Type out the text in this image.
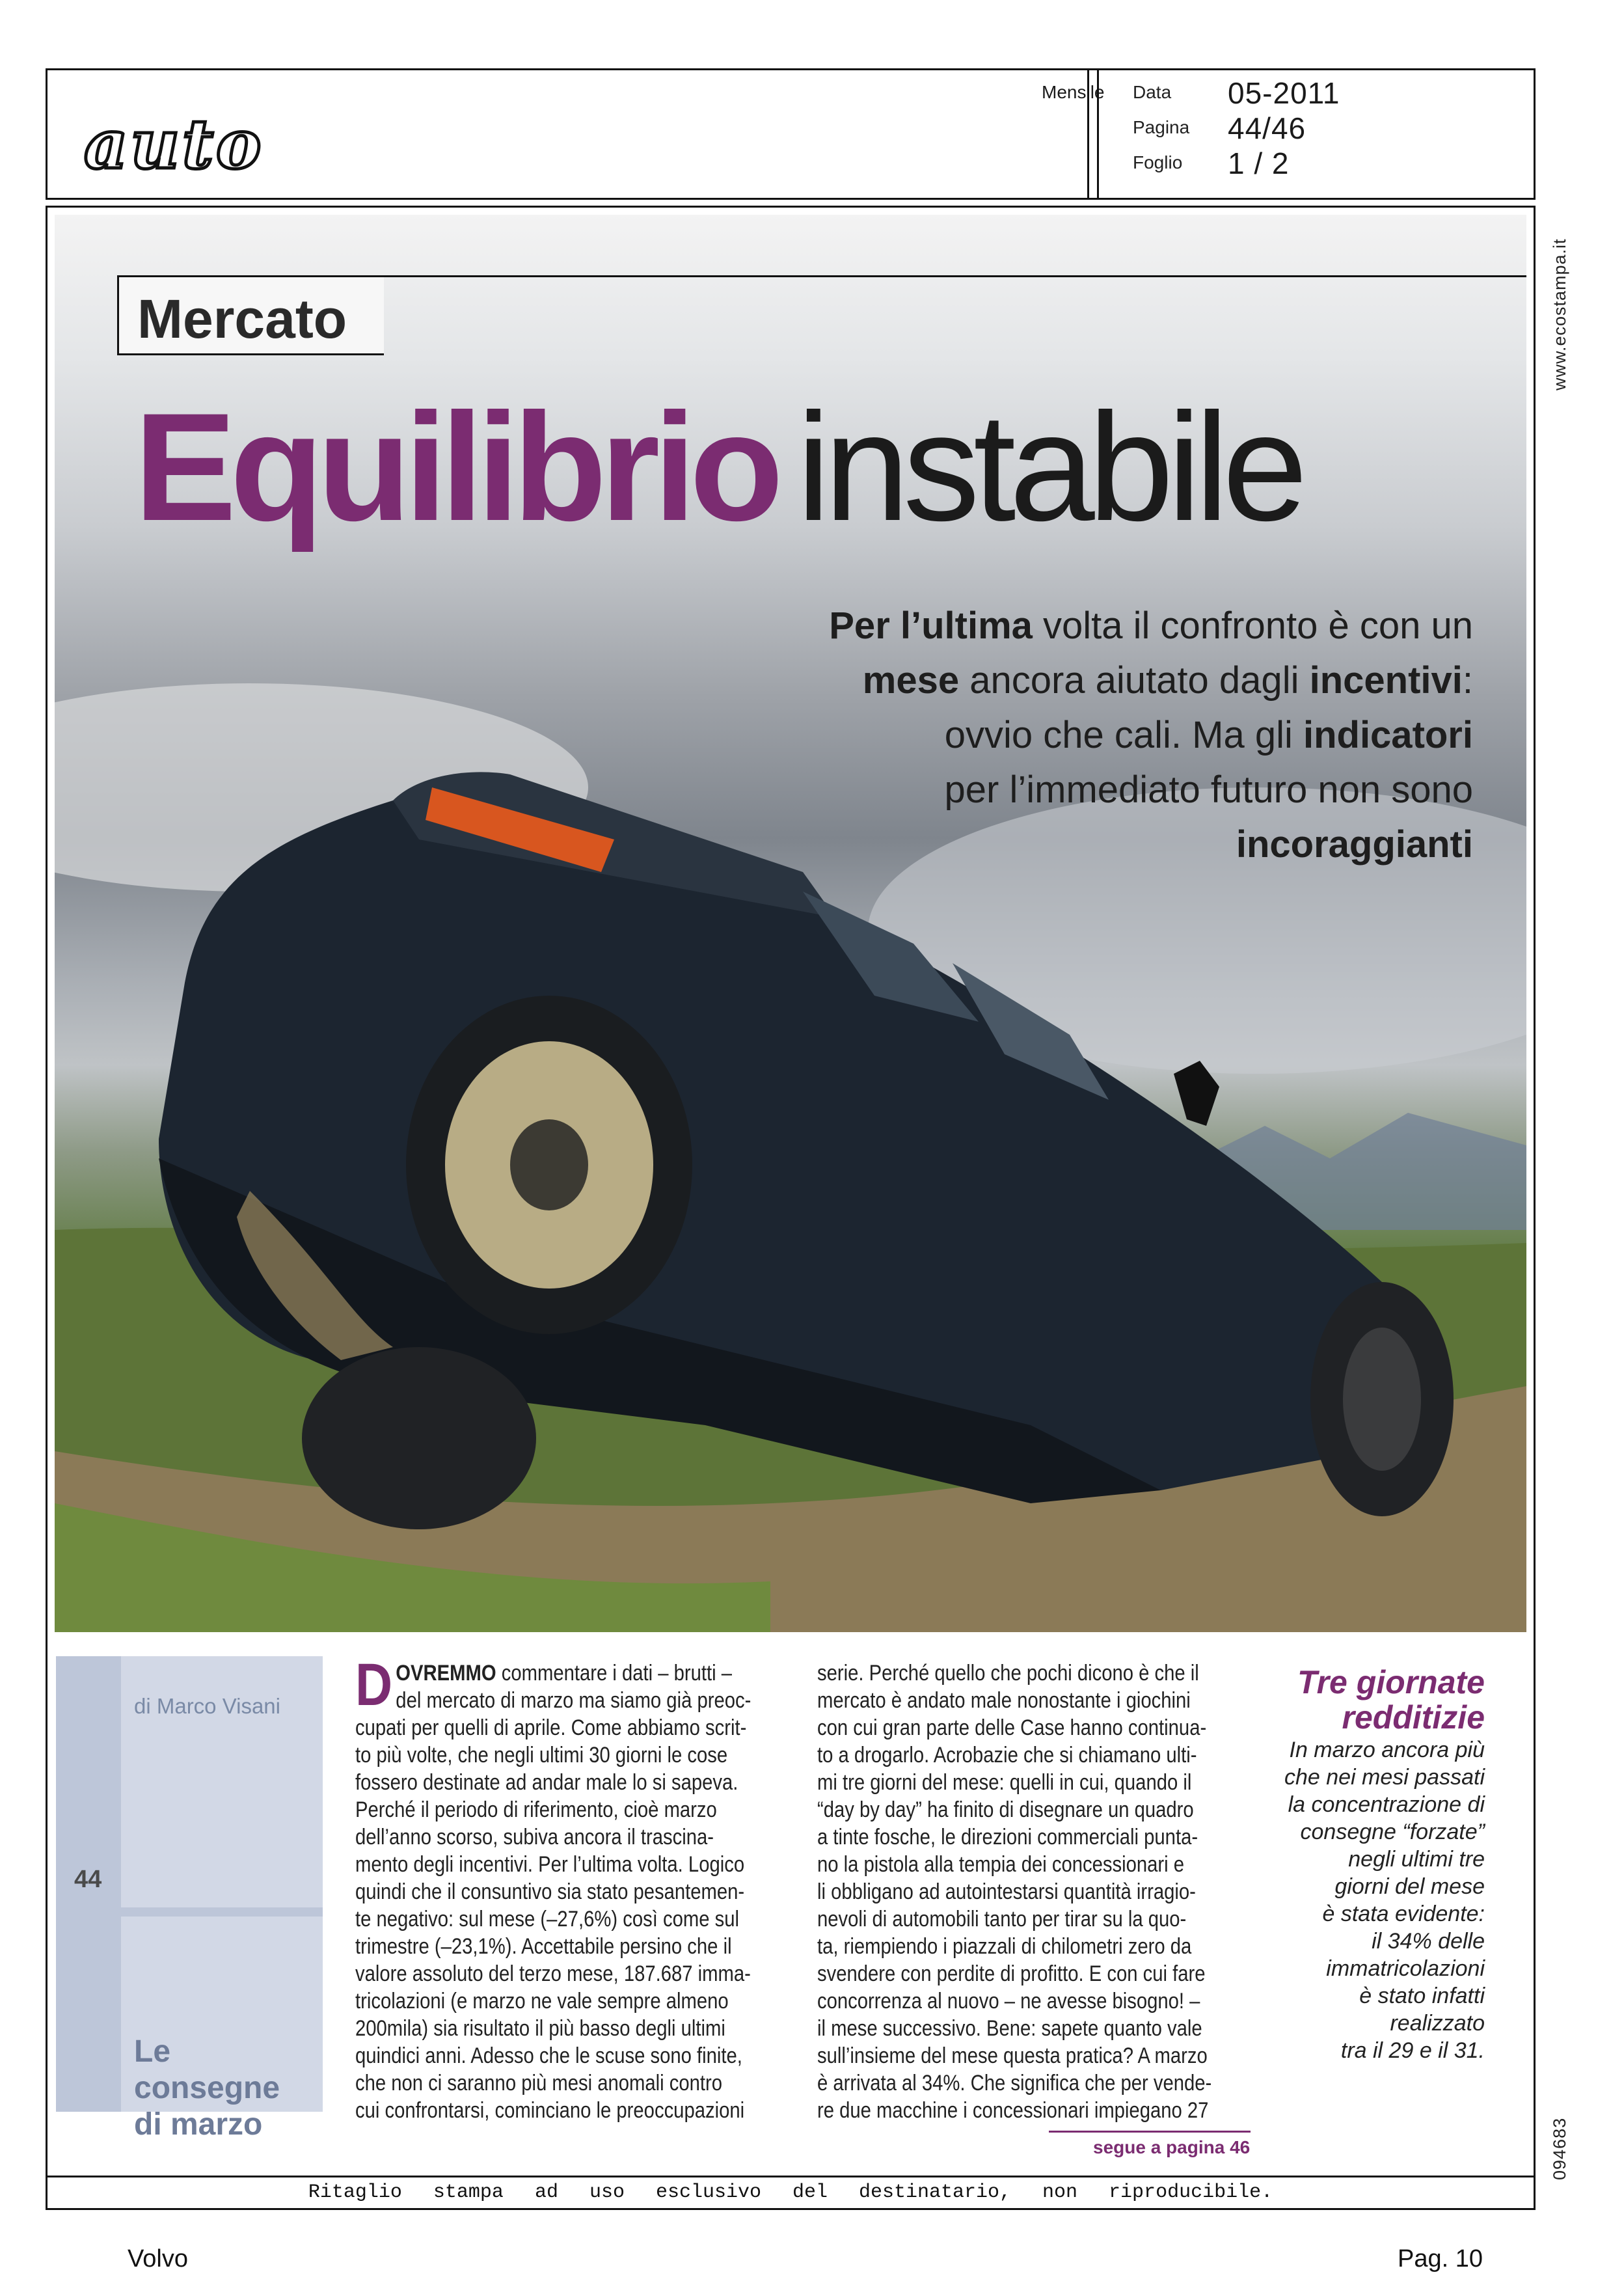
auto
Mensile Data 05-2011
Pagina 44/46
Foglio 1 / 2
www.ecostampa.it
094683
Mercato
Equilibrio instabile
Per l’ultima volta il confronto è con un
mese ancora aiutato dagli incentivi:
ovvio che cali. Ma gli indicatori
per l’immediato futuro non sono
incoraggianti
di Marco Visani
44
Le consegne
di marzo
D OVREMMO commentare i dati – brutti –

del mercato di marzo ma siamo già preoc-

cupati per quelli di aprile. Come abbiamo scrit-

to più volte, che negli ultimi 30 giorni le cose

fossero destinate ad andar male lo si sapeva.

Perché il periodo di riferimento, cioè marzo

dell’anno scorso, subiva ancora il trascina-

mento degli incentivi. Per l’ultima volta. Logico

quindi che il consuntivo sia stato pesantemen-

te negativo: sul mese (–27,6%) così come sul

trimestre (–23,1%). Accettabile persino che il

valore assoluto del terzo mese, 187.687 imma-

tricolazioni (e marzo ne vale sempre almeno

200mila) sia risultato il più basso degli ultimi

quindici anni. Adesso che le scuse sono finite,

che non ci saranno più mesi anomali contro

cui confrontarsi, cominciano le preoccupazioni

serie. Perché quello che pochi dicono è che il

mercato è andato male nonostante i giochini

con cui gran parte delle Case hanno continua-

to a drogarlo. Acrobazie che si chiamano ulti-

mi tre giorni del mese: quelli in cui, quando il

“day by day” ha finito di disegnare un quadro

a tinte fosche, le direzioni commerciali punta-

no la pistola alla tempia dei concessionari e

li obbligano ad autointestarsi quantità irragio-

nevoli di automobili tanto per tirar su la quo-

ta, riempiendo i piazzali di chilometri zero da

svendere con perdite di profitto. E con cui fare

concorrenza al nuovo – ne avesse bisogno! –

il mese successivo. Bene: sapete quanto vale

sull’insieme del mese questa pratica? A marzo

è arrivata al 34%. Che significa che per vende-

re due macchine i concessionari impiegano 27

Tre giornate
redditizie
In marzo ancora più
che nei mesi passati
la concentrazione di
consegne “forzate”
negli ultimi tre
giorni del mese
è stata evidente:
il 34% delle
immatricolazioni
è stato infatti
realizzato
tra il 29 e il 31.
segue a pagina 46
Ritaglio stampa ad uso esclusivo del destinatario, non riproducibile.
Volvo	Pag. 10
